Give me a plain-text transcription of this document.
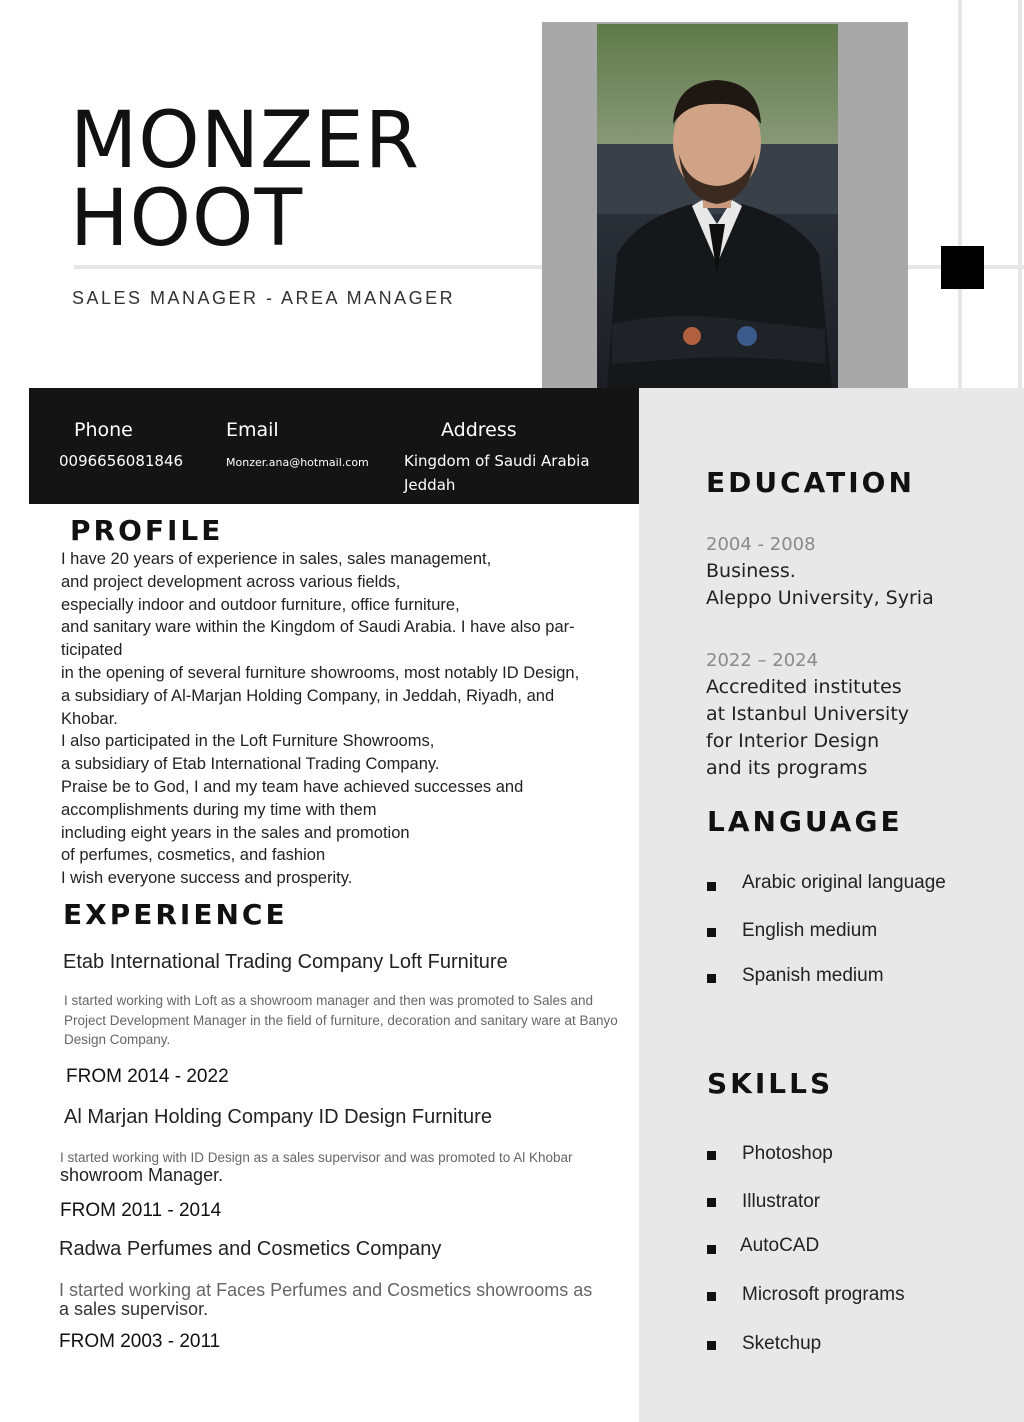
MONZER
HOOT
SALES MANAGER - AREA MANAGER
Phone
0096656081846
Email
Monzer.ana@hotmail.com
Address
Kingdom of Saudi Arabia
Jeddah
PROFILE
I have 20 years of experience in sales, sales management,
and project development across various fields,
especially indoor and outdoor furniture, office furniture,
and sanitary ware within the Kingdom of Saudi Arabia. I have also par-
ticipated
in the opening of several furniture showrooms, most notably ID Design,
a subsidiary of Al-Marjan Holding Company, in Jeddah, Riyadh, and
Khobar.
I also participated in the Loft Furniture Showrooms,
a subsidiary of Etab International Trading Company.
Praise be to God, I and my team have achieved successes and
accomplishments during my time with them
including eight years in the sales and promotion
of perfumes, cosmetics, and fashion
I wish everyone success and prosperity.
EXPERIENCE
Etab International Trading Company Loft Furniture
I started working with Loft as a showroom manager and then was promoted to Sales and Project Development Manager in the field of furniture, decoration and sanitary ware at Banyo Design Company.
FROM 2014 - 2022
Al Marjan Holding Company ID Design Furniture
I started working with ID Design as a sales supervisor and was promoted to Al Khobar
showroom Manager.
FROM 2011 - 2014
Radwa Perfumes and Cosmetics Company
I started working at Faces Perfumes and Cosmetics showrooms as
a sales supervisor.
FROM 2003 - 2011
EDUCATION
2004 - 2008
Business.
Aleppo University, Syria
2022 – 2024
Accredited institutes
at Istanbul University
for Interior Design
and its programs
LANGUAGE
Arabic original language
English medium
Spanish medium
SKILLS
Photoshop
Illustrator
AutoCAD
Microsoft programs
Sketchup
